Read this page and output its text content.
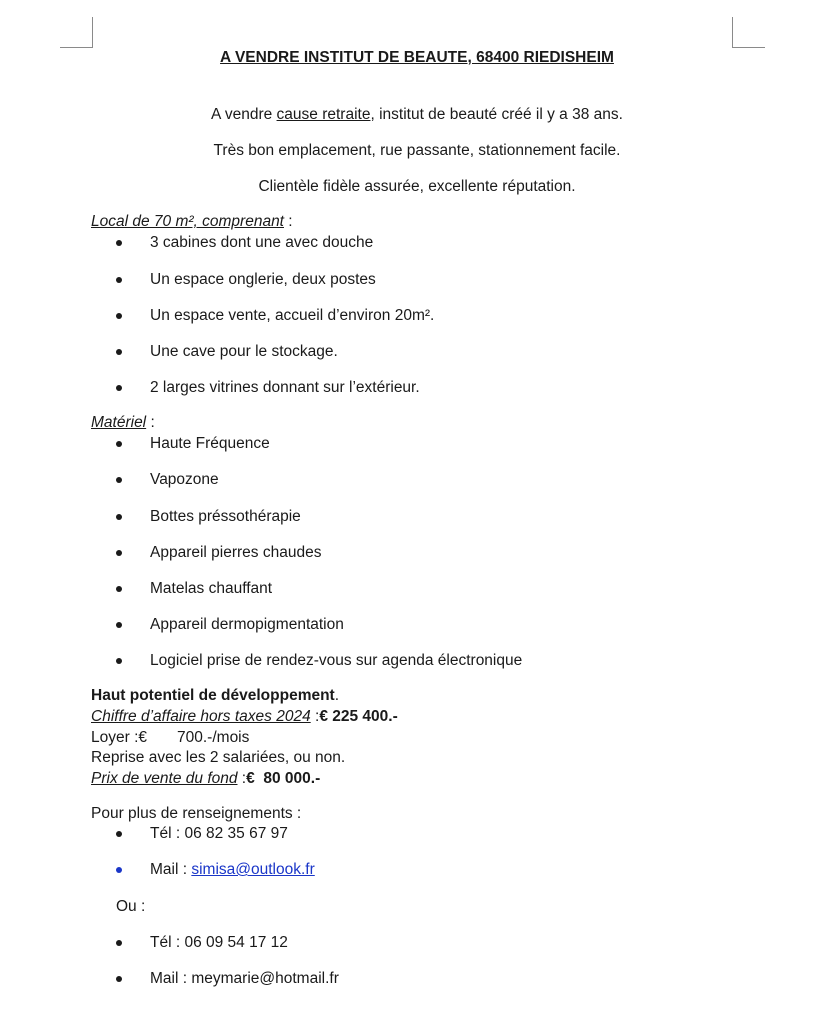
A VENDRE INSTITUT DE BEAUTE, 68400 RIEDISHEIM
A vendre cause retraite, institut de beauté créé il y a 38 ans.
Très bon emplacement, rue passante, stationnement facile.
Clientèle fidèle assurée, excellente réputation.
Local de 70 m², comprenant :
3 cabines dont une avec douche
Un espace onglerie, deux postes
Un espace vente, accueil d’environ 20m².
Une cave pour le stockage.
2 larges vitrines donnant sur l’extérieur.
Matériel :
Haute Fréquence
Vapozone
Bottes préssothérapie
Appareil pierres chaudes
Matelas chauffant
Appareil dermopigmentation
Logiciel prise de rendez-vous sur agenda électronique
Haut potentiel de développement.
Chiffre d’affaire hors taxes 2024 :€ 225 400.-
Loyer :€ 700.-/mois
Reprise avec les 2 salariées, ou non.
Prix de vente du fond :€  80 000.-
Pour plus de renseignements :
Tél : 06 82 35 67 97
Mail : simisa@outlook.fr
Ou :
Tél : 06 09 54 17 12
Mail : meymarie@hotmail.fr
